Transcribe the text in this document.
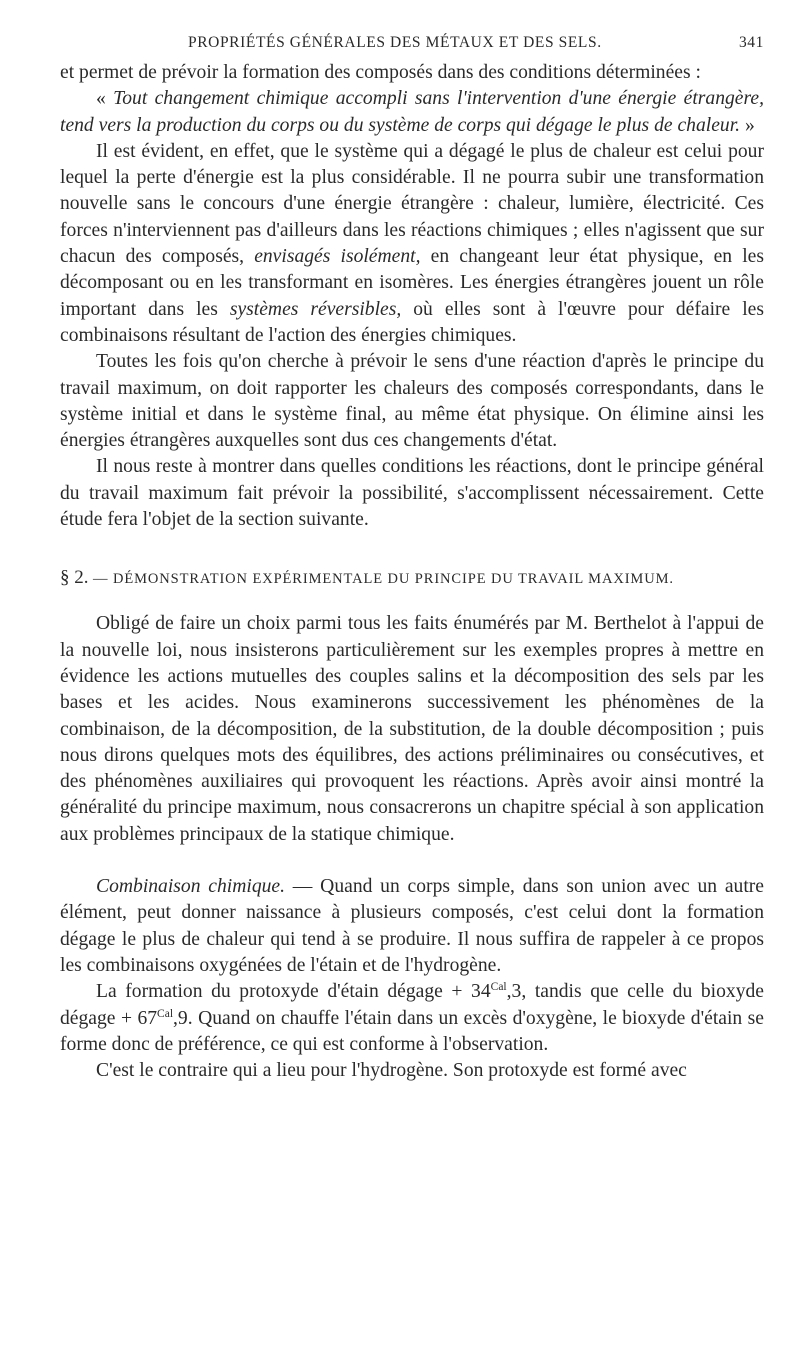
PROPRIÉTÉS GÉNÉRALES DES MÉTAUX ET DES SELS.	341

et permet de prévoir la formation des composés dans des conditions déterminées :

« Tout changement chimique accompli sans l'intervention d'une énergie étrangère, tend vers la production du corps ou du système de corps qui dégage le plus de chaleur. »

Il est évident, en effet, que le système qui a dégagé le plus de chaleur est celui pour lequel la perte d'énergie est la plus considérable. Il ne pourra subir une transformation nouvelle sans le concours d'une énergie étrangère : chaleur, lumière, électricité. Ces forces n'interviennent pas d'ailleurs dans les réactions chimiques ; elles n'agissent que sur chacun des composés, envisagés isolément, en changeant leur état physique, en les décomposant ou en les transformant en isomères. Les énergies étrangères jouent un rôle important dans les systèmes réversibles, où elles sont à l'œuvre pour défaire les combinaisons résultant de l'action des énergies chimiques.

Toutes les fois qu'on cherche à prévoir le sens d'une réaction d'après le principe du travail maximum, on doit rapporter les chaleurs des composés correspondants, dans le système initial et dans le système final, au même état physique. On élimine ainsi les énergies étrangères auxquelles sont dus ces changements d'état.

Il nous reste à montrer dans quelles conditions les réactions, dont le principe général du travail maximum fait prévoir la possibilité, s'accomplissent nécessairement. Cette étude fera l'objet de la section suivante.

§ 2. — DÉMONSTRATION EXPÉRIMENTALE DU PRINCIPE DU TRAVAIL MAXIMUM.

Obligé de faire un choix parmi tous les faits énumérés par M. Berthelot à l'appui de la nouvelle loi, nous insisterons particulièrement sur les exemples propres à mettre en évidence les actions mutuelles des couples salins et la décomposition des sels par les bases et les acides. Nous examinerons successivement les phénomènes de la combinaison, de la décomposition, de la substitution, de la double décomposition ; puis nous dirons quelques mots des équilibres, des actions préliminaires ou consécutives, et des phénomènes auxiliaires qui provoquent les réactions. Après avoir ainsi montré la généralité du principe maximum, nous consacrerons un chapitre spécial à son application aux problèmes principaux de la statique chimique.

Combinaison chimique. — Quand un corps simple, dans son union avec un autre élément, peut donner naissance à plusieurs composés, c'est celui dont la formation dégage le plus de chaleur qui tend à se produire. Il nous suffira de rappeler à ce propos les combinaisons oxygénées de l'étain et de l'hydrogène.

La formation du protoxyde d'étain dégage + $34^{Cal},3$, tandis que celle du bioxyde dégage + $67^{Cal},9$. Quand on chauffe l'étain dans un excès d'oxygène, le bioxyde d'étain se forme donc de préférence, ce qui est conforme à l'observation.

C'est le contraire qui a lieu pour l'hydrogène. Son protoxyde est formé avec
